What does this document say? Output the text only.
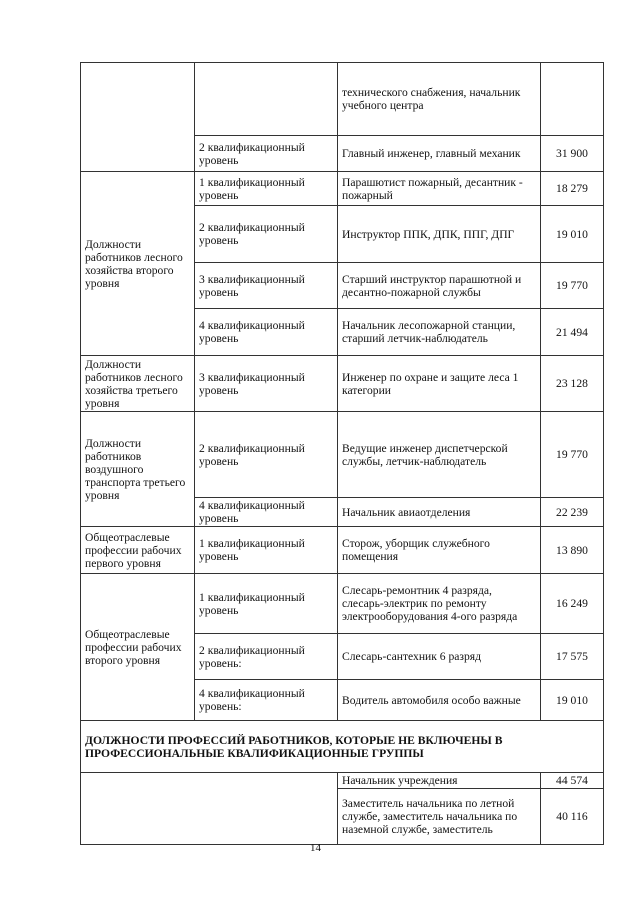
		технического снабжения, начальник учебного центра	
	2 квалификационный уровень	Главный инженер, главный механик	31 900
Должности работников лесного хозяйства второго уровня	1 квалификационный уровень	Парашютист пожарный, десантник - пожарный	18 279
	2 квалификационный уровень	Инструктор ППК, ДПК, ППГ, ДПГ	19 010
	3 квалификационный уровень	Старший инструктор парашютной и десантно-пожарной службы	19 770
	4 квалификационный уровень	Начальник лесопожарной станции, старший летчик-наблюдатель	21 494
Должности работников лесного хозяйства третьего уровня	3 квалификационный уровень	Инженер по охране и защите леса 1 категории	23 128
Должности работников воздушного транспорта третьего уровня	2 квалификационный уровень	Ведущие инженер диспетчерской службы, летчик-наблюдатель	19 770
	4 квалификационный уровень	Начальник авиаотделения	22 239
Общеотраслевые профессии рабочих первого уровня	1 квалификационный уровень	Сторож, уборщик служебного помещения	13 890
Общеотраслевые профессии рабочих второго уровня	1 квалификационный уровень	Слесарь-ремонтник 4 разряда, слесарь-электрик по ремонту электрооборудования 4-ого разряда	16 249
	2 квалификационный уровень:	Слесарь-сантехник 6 разряд	17 575
	4 квалификационный уровень:	Водитель автомобиля особо важные	19 010
ДОЛЖНОСТИ ПРОФЕССИЙ РАБОТНИКОВ, КОТОРЫЕ НЕ ВКЛЮЧЕНЫ В ПРОФЕССИОНАЛЬНЫЕ КВАЛИФИКАЦИОННЫЕ ГРУППЫ			
		Начальник учреждения	44 574
		Заместитель начальника по летной службе, заместитель начальника по наземной службе, заместитель	40 116
14
